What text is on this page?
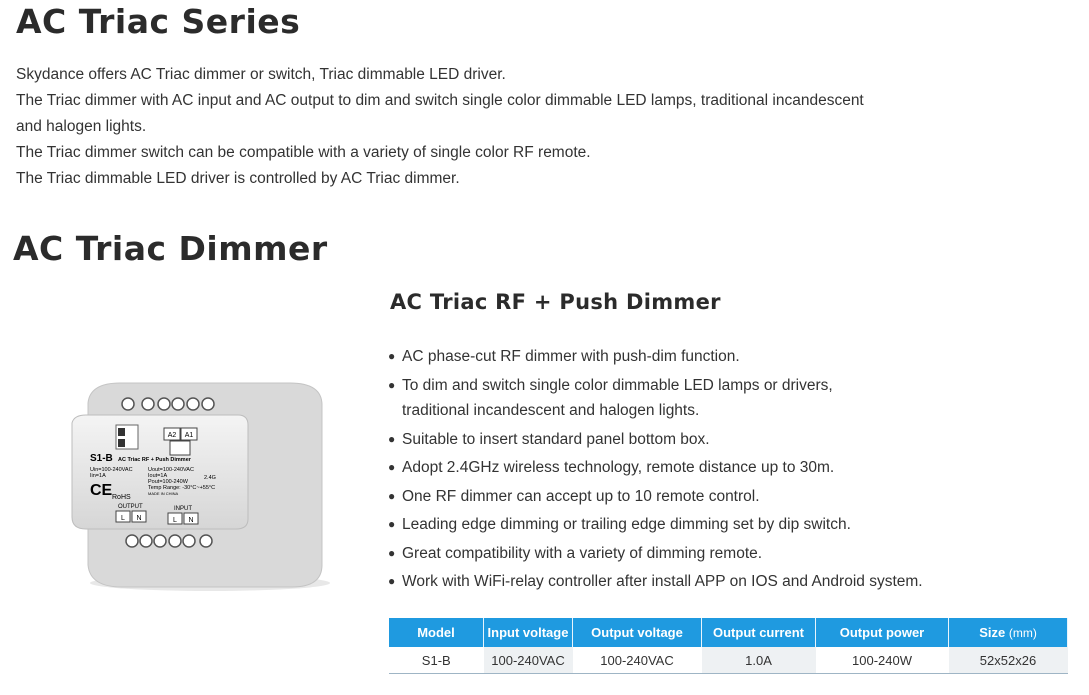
AC Triac Series

Skydance offers AC Triac dimmer or switch, Triac dimmable LED driver.

The Triac dimmer with AC input and AC output to dim and switch single color dimmable LED lamps, traditional incandescent

and halogen lights.

The Triac dimmer switch can be compatible with a variety of single color RF remote.

The Triac dimmable LED driver is controlled by AC Triac dimmer.

AC Triac Dimmer
AC Triac RF + Push Dimmer
A2 A1
S1-B AC Triac RF + Push Dimmer
Uin=100-240VAC
Iin=1A
Uout=100-240VAC
Iout=1A
Pout=100-240W
Temp Range: -30°C~+55°C
MADE IN CHINA
2.4G
CE RoHS
OUTPUT	INPUT
L N	L N
● AC phase-cut RF dimmer with push-dim function.
● To dim and switch single color dimmable LED lamps or drivers,
traditional incandescent and halogen lights.
● Suitable to insert standard panel bottom box.
● Adopt 2.4GHz wireless technology, remote distance up to 30m.
● One RF dimmer can accept up to 10 remote control.
● Leading edge dimming or trailing edge dimming set by dip switch.
● Great compatibility with a variety of dimming remote.
● Work with WiFi-relay controller after install APP on IOS and Android system.
Model	Input voltage	Output voltage	Output current	Output power	Size (mm)
S1-B	100-240VAC	100-240VAC	1.0A	100-240W	52x52x26
